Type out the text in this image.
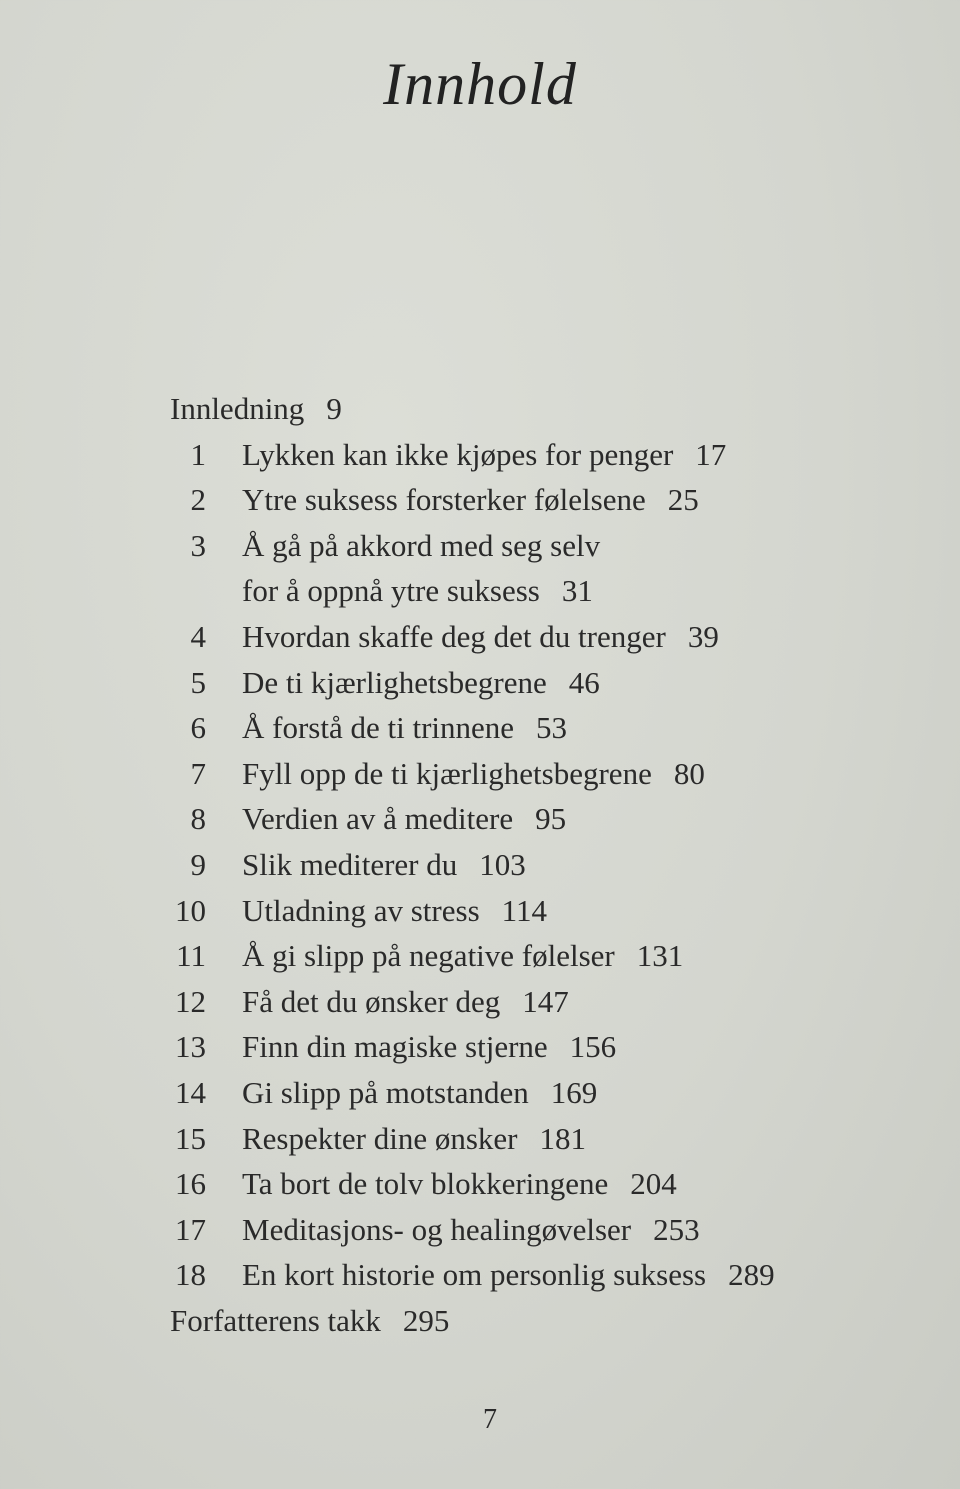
Innhold
Innledning 9
1 Lykken kan ikke kjøpes for penger 17
2 Ytre suksess forsterker følelsene 25
3 Å gå på akkord med seg selv
for å oppnå ytre suksess 31
4 Hvordan skaffe deg det du trenger 39
5 De ti kjærlighetsbegrene 46
6 Å forstå de ti trinnene 53
7 Fyll opp de ti kjærlighetsbegrene 80
8 Verdien av å meditere 95
9 Slik mediterer du 103
10 Utladning av stress 114
11 Å gi slipp på negative følelser 131
12 Få det du ønsker deg 147
13 Finn din magiske stjerne 156
14 Gi slipp på motstanden 169
15 Respekter dine ønsker 181
16 Ta bort de tolv blokkeringene 204
17 Meditasjons- og healingøvelser 253
18 En kort historie om personlig suksess 289
Forfatterens takk 295
7
